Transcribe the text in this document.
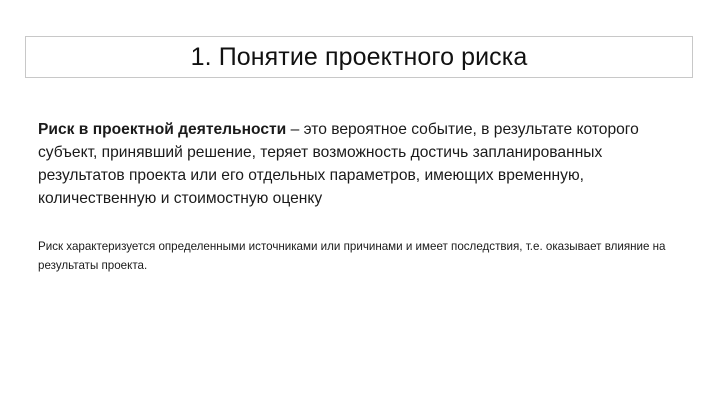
1. Понятие проектного риска

Риск в проектной деятельности – это вероятное событие, в результате которого субъект, принявший решение, теряет возможность достичь запланированных результатов проекта или его отдельных параметров, имеющих временную, количественную и стоимостную оценку

Риск характеризуется определенными источниками или причинами и имеет последствия, т.е. оказывает влияние на результаты проекта.
